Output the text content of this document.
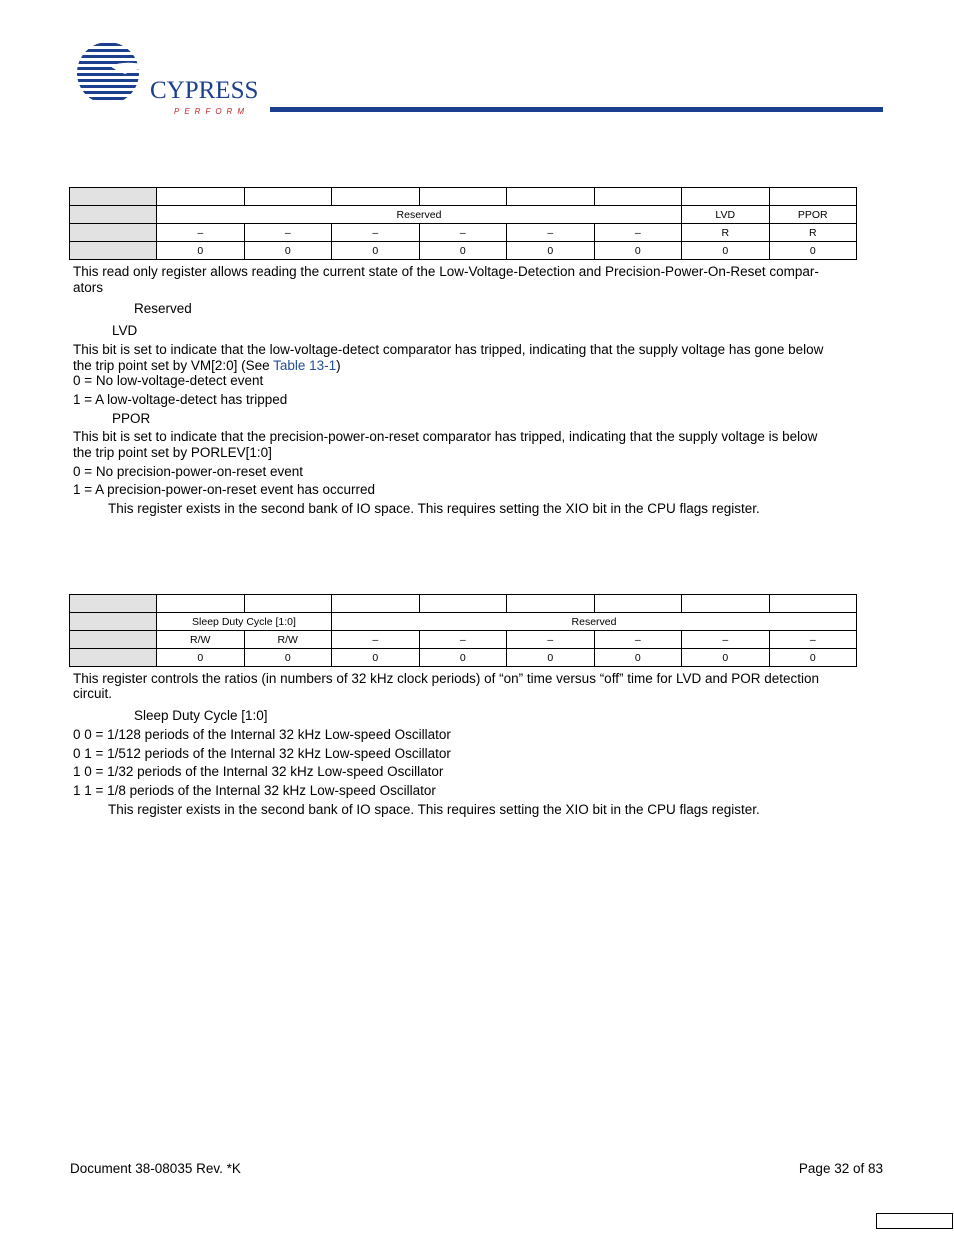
CYPRESS
PERFORM

	Reserved						LVD	PPOR
	–	–	–	–	–	–	R	R
	0	0	0	0	0	0	0	0
This read only register allows reading the current state of the Low-Voltage-Detection and Precision-Power-On-Reset compar-
ators
Reserved
LVD
This bit is set to indicate that the low-voltage-detect comparator has tripped, indicating that the supply voltage has gone below
the trip point set by VM[2:0] (See Table 13-1)
0 = No low-voltage-detect event
1 = A low-voltage-detect has tripped
PPOR
This bit is set to indicate that the precision-power-on-reset comparator has tripped, indicating that the supply voltage is below
the trip point set by PORLEV[1:0]
0 = No precision-power-on-reset event
1 = A precision-power-on-reset event has occurred
This register exists in the second bank of IO space. This requires setting the XIO bit in the CPU flags register.

	Sleep Duty Cycle [1:0]		Reserved					
	R/W	R/W	–	–	–	–	–	–
	0	0	0	0	0	0	0	0
This register controls the ratios (in numbers of 32 kHz clock periods) of “on” time versus “off” time for LVD and POR detection
circuit.
Sleep Duty Cycle [1:0]
0 0 = 1/128 periods of the Internal 32 kHz Low-speed Oscillator
0 1 = 1/512 periods of the Internal 32 kHz Low-speed Oscillator
1 0 = 1/32 periods of the Internal 32 kHz Low-speed Oscillator
1 1 = 1/8 periods of the Internal 32 kHz Low-speed Oscillator
This register exists in the second bank of IO space. This requires setting the XIO bit in the CPU flags register.
Document 38-08035 Rev. *K	Page 32 of 83
